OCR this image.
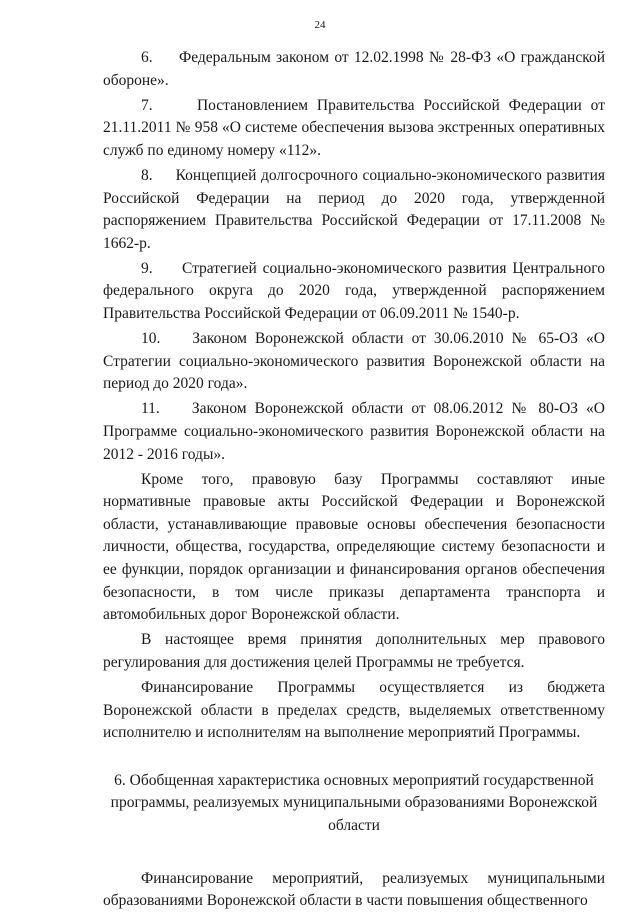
24

6.     Федеральным законом от 12.02.1998 № 28-ФЗ «О гражданской обороне».

7.     Постановлением Правительства Российской Федерации от 21.11.2011 № 958 «О системе обеспечения вызова экстренных оперативных служб по единому номеру «112».

8.     Концепцией долгосрочного социально-экономического развития Российской Федерации на период до 2020 года, утвержденной распоряжением Правительства Российской Федерации от 17.11.2008 № 1662-р.

9.     Стратегией социально-экономического развития Центрального федерального округа до 2020 года, утвержденной распоряжением Правительства Российской Федерации от 06.09.2011 № 1540-р.

10.    Законом Воронежской области от 30.06.2010 № 65-ОЗ «О Стратегии социально-экономического развития Воронежской области на период до 2020 года».

11.    Законом Воронежской области от 08.06.2012 № 80-ОЗ «О Программе социально-экономического развития Воронежской области на 2012 - 2016 годы».

Кроме того, правовую базу Программы составляют иные нормативные правовые акты Российской Федерации и Воронежской области, устанавливающие правовые основы обеспечения безопасности личности, общества, государства, определяющие систему безопасности и ее функции, порядок организации и финансирования органов обеспечения безопасности, в том числе приказы департамента транспорта и автомобильных дорог Воронежской области.

В настоящее время принятия дополнительных мер правового регулирования для достижения целей Программы не требуется.

Финансирование Программы осуществляется из бюджета Воронежской области в пределах средств, выделяемых ответственному исполнителю и исполнителям на выполнение мероприятий Программы.

6. Обобщенная характеристика основных мероприятий государственной программы, реализуемых муниципальными образованиями Воронежской области

Финансирование мероприятий, реализуемых муниципальными образованиями Воронежской области в части повышения общественного
